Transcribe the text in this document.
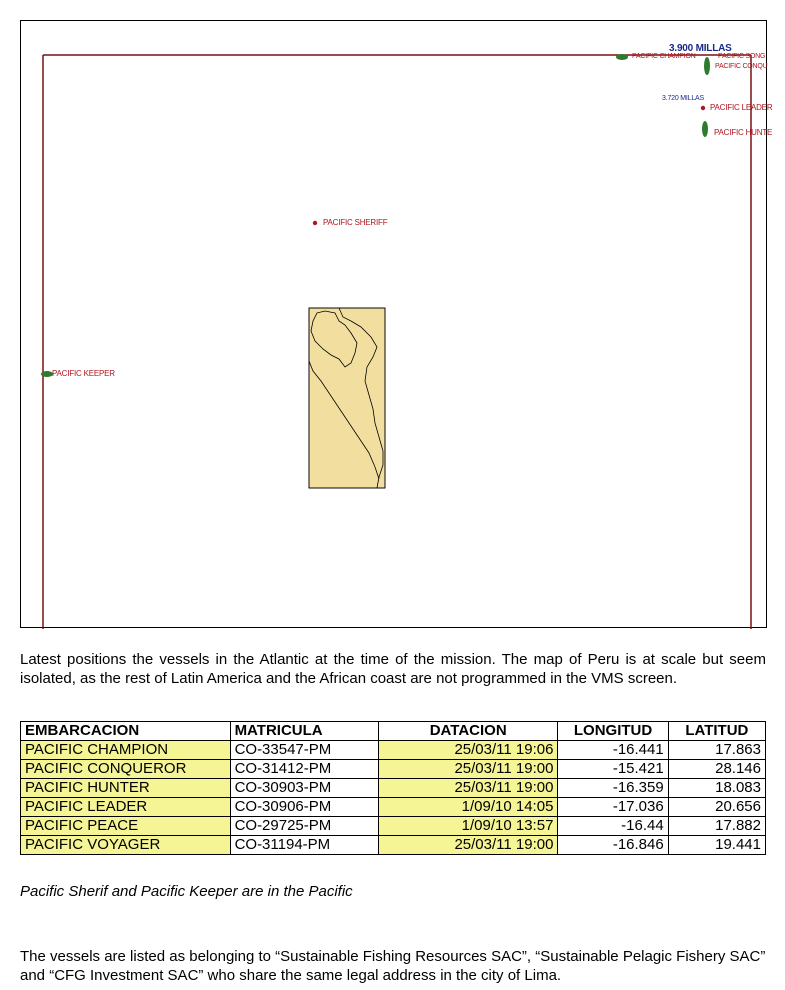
3.900 MILLAS
PACIFIC CHAMPION	PACIFIC SONG
PACIFIC CONQU
3.720 MILLAS
PACIFIC LEADER
PACIFIC HUNTE
PACIFIC SHERIFF
PACIFIC KEEPER
Latest positions the vessels in the Atlantic at the time of the mission. The map of Peru is at scale but seem isolated, as the rest of Latin America and the African coast are not programmed in the VMS screen.
EMBARCACION	MATRICULA	DATACION	LONGITUD	LATITUD
PACIFIC CHAMPION	CO-33547-PM	25/03/11 19:06	-16.441	17.863
PACIFIC CONQUEROR	CO-31412-PM	25/03/11 19:00	-15.421	28.146
PACIFIC HUNTER	CO-30903-PM	25/03/11 19:00	-16.359	18.083
PACIFIC LEADER	CO-30906-PM	1/09/10 14:05	-17.036	20.656
PACIFIC PEACE	CO-29725-PM	1/09/10 13:57	-16.44	17.882
PACIFIC VOYAGER	CO-31194-PM	25/03/11 19:00	-16.846	19.441
Pacific Sherif and Pacific Keeper are in the Pacific
The vessels are listed as belonging to “Sustainable Fishing Resources SAC”, “Sustainable Pelagic Fishery SAC” and “CFG Investment SAC” who share the same legal address in the city of Lima.
